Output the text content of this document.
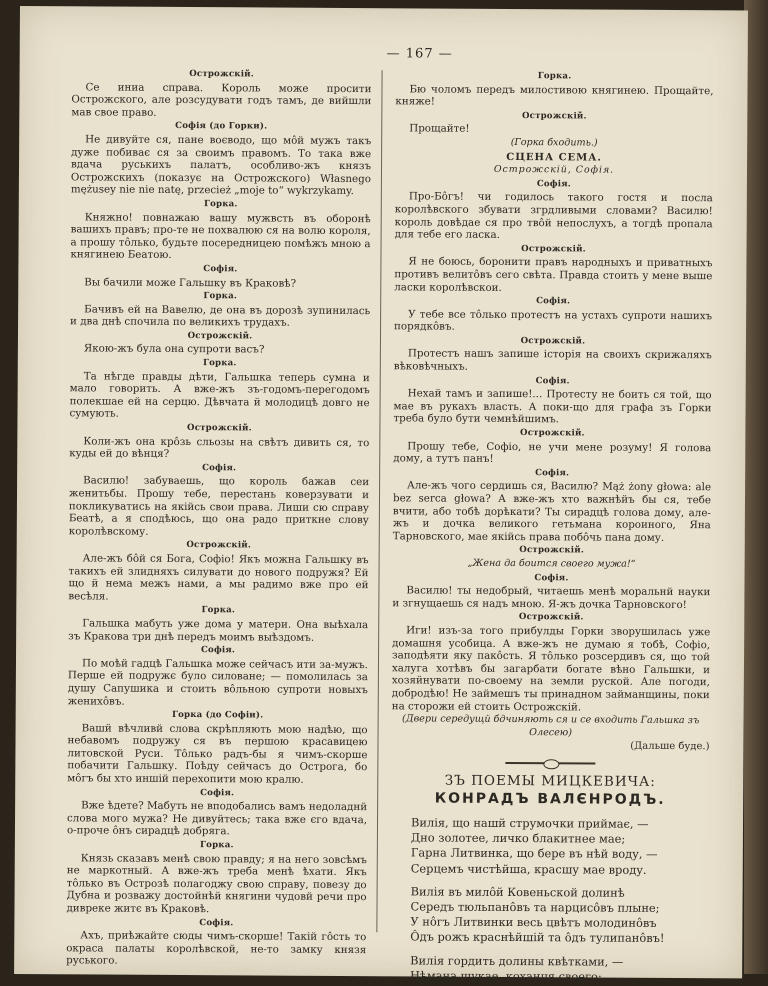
— 167 —
Острожскій.
Се иниа справа. Король може просити Острожского, але розсудувати годъ тамъ, де вийшли мав свое право.
Софія (до Горки).
Не дивуйте ся, пане воєводо, що мôй мужъ такъ дуже побиває ся за своимъ правомъ. То така вже вдача руськихъ палатъ, особливо-жъ князъ Острожскихъ (показує на Острожского) Własnego mężusey nie nie natę, przecież „moje to“ wykrzykamy.
Горка.
Княжно! повнажаю вашу мужвсть въ оборонѣ вашихъ правъ; про-те не похвалюю ся на волю короля, а прошу тôлько, будьте посередницею помѣжъ мною а княгинею Беатою.
Софія.
Вы бачили може Гальшку въ Краковѣ?
Горка.
Бачивъ ей на Вавелю, де она въ дорозѣ зупинилась и два днѣ спочила по великихъ трудахъ.
Острожскій.
Якою-жъ була она супроти васъ?
Горка.
Та нѣгде правды дѣти, Гальшка теперь сумна и мало говорить. А вже-жъ зъ-годомъ-перегодомъ полекшае ей на серцю. Дѣвчата й молодицѣ довго не сумують.
Острожскій.
Коли-жъ она крôзь сльозы на свѣтъ дивить ся, то куды ей до вѣнця?
Софія.
Василю! забуваешь, що король бажав сеи женитьбы. Прошу тебе, перестань коверзувати и покликуватись на якійсь свои права. Лиши сю справу Беатѣ, а я сподѣюсь, що она радо приткне слову королѣвскому.
Острожскій.
Але-жъ бôй ся Бога, Софіо! Якъ можна Гальшку въ такихъ ей злидняхъ силувати до нового подружя? Ей що й нема межъ нами, а мы радимо вже про ей весѣля.
Горка.
Гальшка мабуть уже дома у матери. Она выѣхала зъ Кракова три днѣ передъ моимъ выѣздомъ.
Софія.
По моѣй гадцѣ Гальшка може сейчасъ ити за-мужъ. Перше ей подружє було силоване; — помолилась за душу Сапушика и стоить вôльною супроти новыхъ женихôвъ.
Горка (до Софіи).
Вашй вѣчливй слова скрѣпляють мою надѣю, що небавомъ подружу ся въ першою красавицею литовской Руси. Тôлько радъ-бы я чимъ-скорше побачити Гальшку. Поѣду сейчасъ до Острога, бо мôгъ бы хто иншій перехопити мою кралю.
Софія.
Вже ѣдете? Мабуть не вподобались вамъ недоладнй слова мого мужа? Не дивуйтесь; така вже єго вдача, о-проче ôнъ сирадцѣ добряга.
Горка.
Князь сказавъ менѣ свою правду; я на него зовсѣмъ не маркотный. А вже-жъ треба менѣ ѣхати. Якъ тôлько въ Острозѣ полагоджу свою справу, повезу до Дубна и розважу достойнѣй княгини чудовй речи про дивреке житє въ Краковѣ.
Софія.
Ахъ, приѣжайте сюды чимъ-скорше! Такій гôсть то окраса палаты королѣвской, не-то замку князя руського.
Горка.
Бю чоломъ передъ милостивою княгинею. Прощайте, княже!
Острожскій.
Прощайте!
(Горка бходить.)
СЦЕНА СЕМА.
Острожскій, Софія.
Софія.
Про-Бôгъ! чи годилось такого гостя и посла королѣвского збувати згрдливыми словами? Василю! король довѣдае ся про твôй непослухъ, а тогдѣ пропала для тебе его ласка.
Острожскій.
Я не боюсь, боронити правъ народныхъ и приватныхъ противъ велитôвъ сего свѣта. Правда стоить у мене выше ласки королѣвскои.
Софія.
У тебе все тôлько протестъ на устахъ супроти нашихъ порядкôвъ.
Острожскій.
Протестъ нашъ запише історія на своихъ скрижаляхъ вѣковѣчныхъ.
Софія.
Нехай тамъ и запише!... Протесту не боить ся той, що мае въ рукахъ власть. А поки-що для графа зъ Горки треба було бути чемнѣйшимъ.
Острожскій.
Прошу тебе, Софіо, не учи мене розуму! Я голова дому, а тутъ панъ!
Софія.
Але-жъ чого сердишь ся, Василю? Mąż żony głowa: ale bez serca głowa? А вже-жъ хто важнѣйъ бы ся, тебе вчити, або тобѣ дорѣкати? Ты сирадцѣ голова дому, але-жъ и дочка великого гетьмана короиного, Яна Тарновского, мае якійсь права побôчь пана дому.
Острожскій.
„Жена да боится своего мужа!“
Софія.
Василю! ты недобрый, читаешь менѣ моральнй науки и згнущаешь ся надъ мною. Я-жъ дочка Тарновского!
Острожскій.
Иги! изъ-за того прибулды Горки зворушилась уже домашня усобица. А вже-жъ не думаю я тобѣ, Софіо, заподѣяти яку пакôсть. Я тôлько розсердивъ ся, що той халуга хотѣвъ бы загарбати богате вѣно Гальшки, и хозяйнувати по-своему на земли руской. Але погоди, добродѣю! Не займешъ ты принадном займанщины, поки на сторожи ей стоить Острожскій.
(Двери середущй бдчиняють ся и се входить Гальшка зъ Олесею)
(Дальше буде.)
ЗЪ ПОЕМЫ МИЦКЕВИЧА:
КОНРАДЪ ВАЛЄНРОДЪ.
Вилія, що нашй струмочки приймає, —
Дно золотее, личко блакитнее мае;
Гарна Литвинка, що бере въ нѣй воду, —
Серцемъ чистѣйша, красшу мае вроду.
Вилія въ милôй Ковеньской долинѣ
Середъ тюльпанôвъ та нарцисôвъ плыне;
У нôгъ Литвинки весь цвѣтъ молодинôвъ
Ôдъ рожъ краснѣйшій та ôдъ тулипанôвъ!
Вилія гордить долины квѣтками, —
Нѣмана шукае, коханця своего;
